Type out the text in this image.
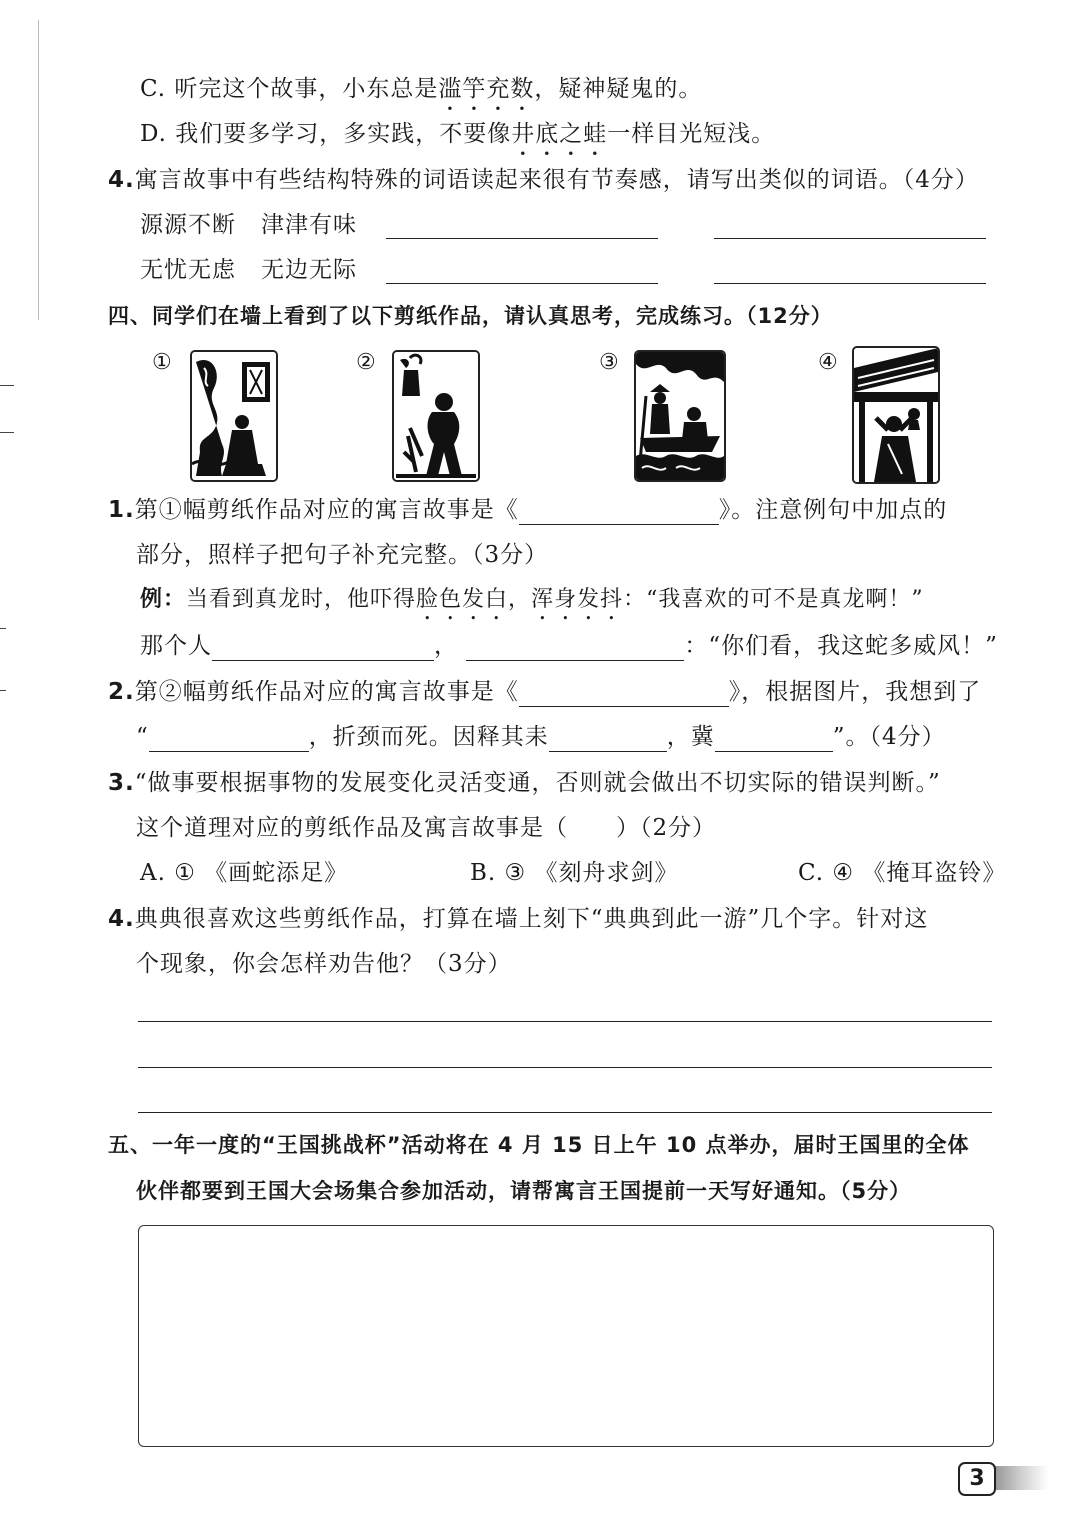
C. 听完这个故事，小东总是滥竽充数，疑神疑鬼的。
D. 我们要多学习，多实践，不要像井底之蛙一样目光短浅。
4.寓言故事中有些结构特殊的词语读起来很有节奏感，请写出类似的词语。（4分）
源源不断 津津有味
无忧无虑 无边无际
四、同学们在墙上看到了以下剪纸作品，请认真思考，完成练习。（12分）
①	②	③	④
1.第①幅剪纸作品对应的寓言故事是《	》。注意例句中加点的
部分，照样子把句子补充完整。（3分）
例：当看到真龙时，他吓得脸色发白，浑身发抖：“我喜欢的可不是真龙啊！”
那个人	，	：“你们看，我这蛇多威风！”
2.第②幅剪纸作品对应的寓言故事是《	》，根据图片，我想到了
“	，折颈而死。因释其耒	，冀	”。（4分）
3.“做事要根据事物的发展变化灵活变通，否则就会做出不切实际的错误判断。”
这个道理对应的剪纸作品及寓言故事是（　　）（2分）
A. ① 《画蛇添足》	B. ③ 《刻舟求剑》	C. ④ 《掩耳盗铃》
4.典典很喜欢这些剪纸作品，打算在墙上刻下“典典到此一游”几个字。针对这
个现象，你会怎样劝告他？（3分）
五、一年一度的“王国挑战杯”活动将在 4 月 15 日上午 10 点举办，届时王国里的全体
伙伴都要到王国大会场集合参加活动，请帮寓言王国提前一天写好通知。（5分）
3
